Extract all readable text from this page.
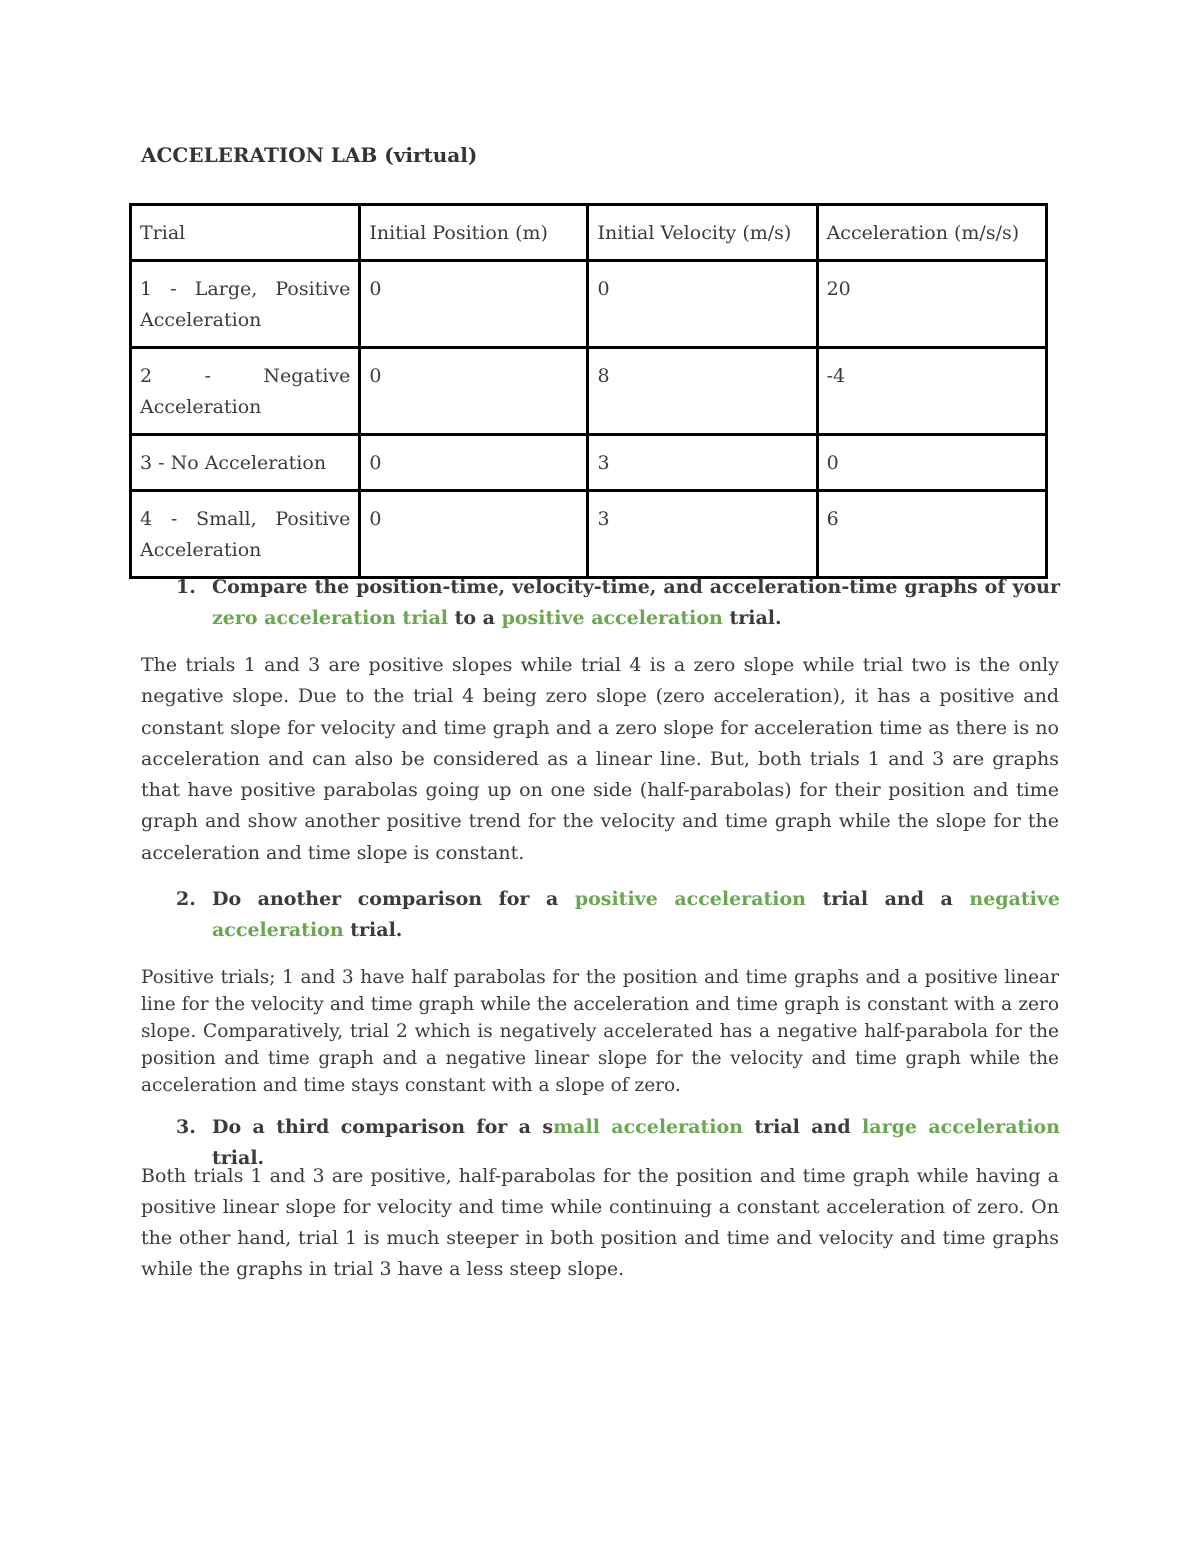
ACCELERATION LAB (virtual)
Trial	Initial Position (m)	Initial Velocity (m/s)	Acceleration (m/s/s)
1 - Large, Positive Acceleration	0	0	20
2 - Negative Acceleration	0	8	-4
3 - No Acceleration	0	3	0
4 - Small, Positive Acceleration	0	3	6
1. Compare the position-time, velocity-time, and acceleration-time graphs of your zero acceleration trial to a positive acceleration trial.

The trials 1 and 3 are positive slopes while trial 4 is a zero slope while trial two is the only negative slope. Due to the trial 4 being zero slope (zero acceleration), it has a positive and constant slope for velocity and time graph and a zero slope for acceleration time as there is no acceleration and can also be considered as a linear line. But, both trials 1 and 3 are graphs that have positive parabolas going up on one side (half-parabolas) for their position and time graph and show another positive trend for the velocity and time graph while the slope for the acceleration and time slope is constant.

2. Do another comparison for a positive acceleration trial and a negative acceleration trial.

Positive trials; 1 and 3 have half parabolas for the position and time graphs and a positive linear line for the velocity and time graph while the acceleration and time graph is constant with a zero slope. Comparatively, trial 2 which is negatively accelerated has a negative half-parabola for the position and time graph and a negative linear slope for the velocity and time graph while the acceleration and time stays constant with a slope of zero.

3. Do a third comparison for a small acceleration trial and large acceleration trial.

Both trials 1 and 3 are positive, half-parabolas for the position and time graph while having a positive linear slope for velocity and time while continuing a constant acceleration of zero. On the other hand, trial 1 is much steeper in both position and time and velocity and time graphs while the graphs in trial 3 have a less steep slope.
